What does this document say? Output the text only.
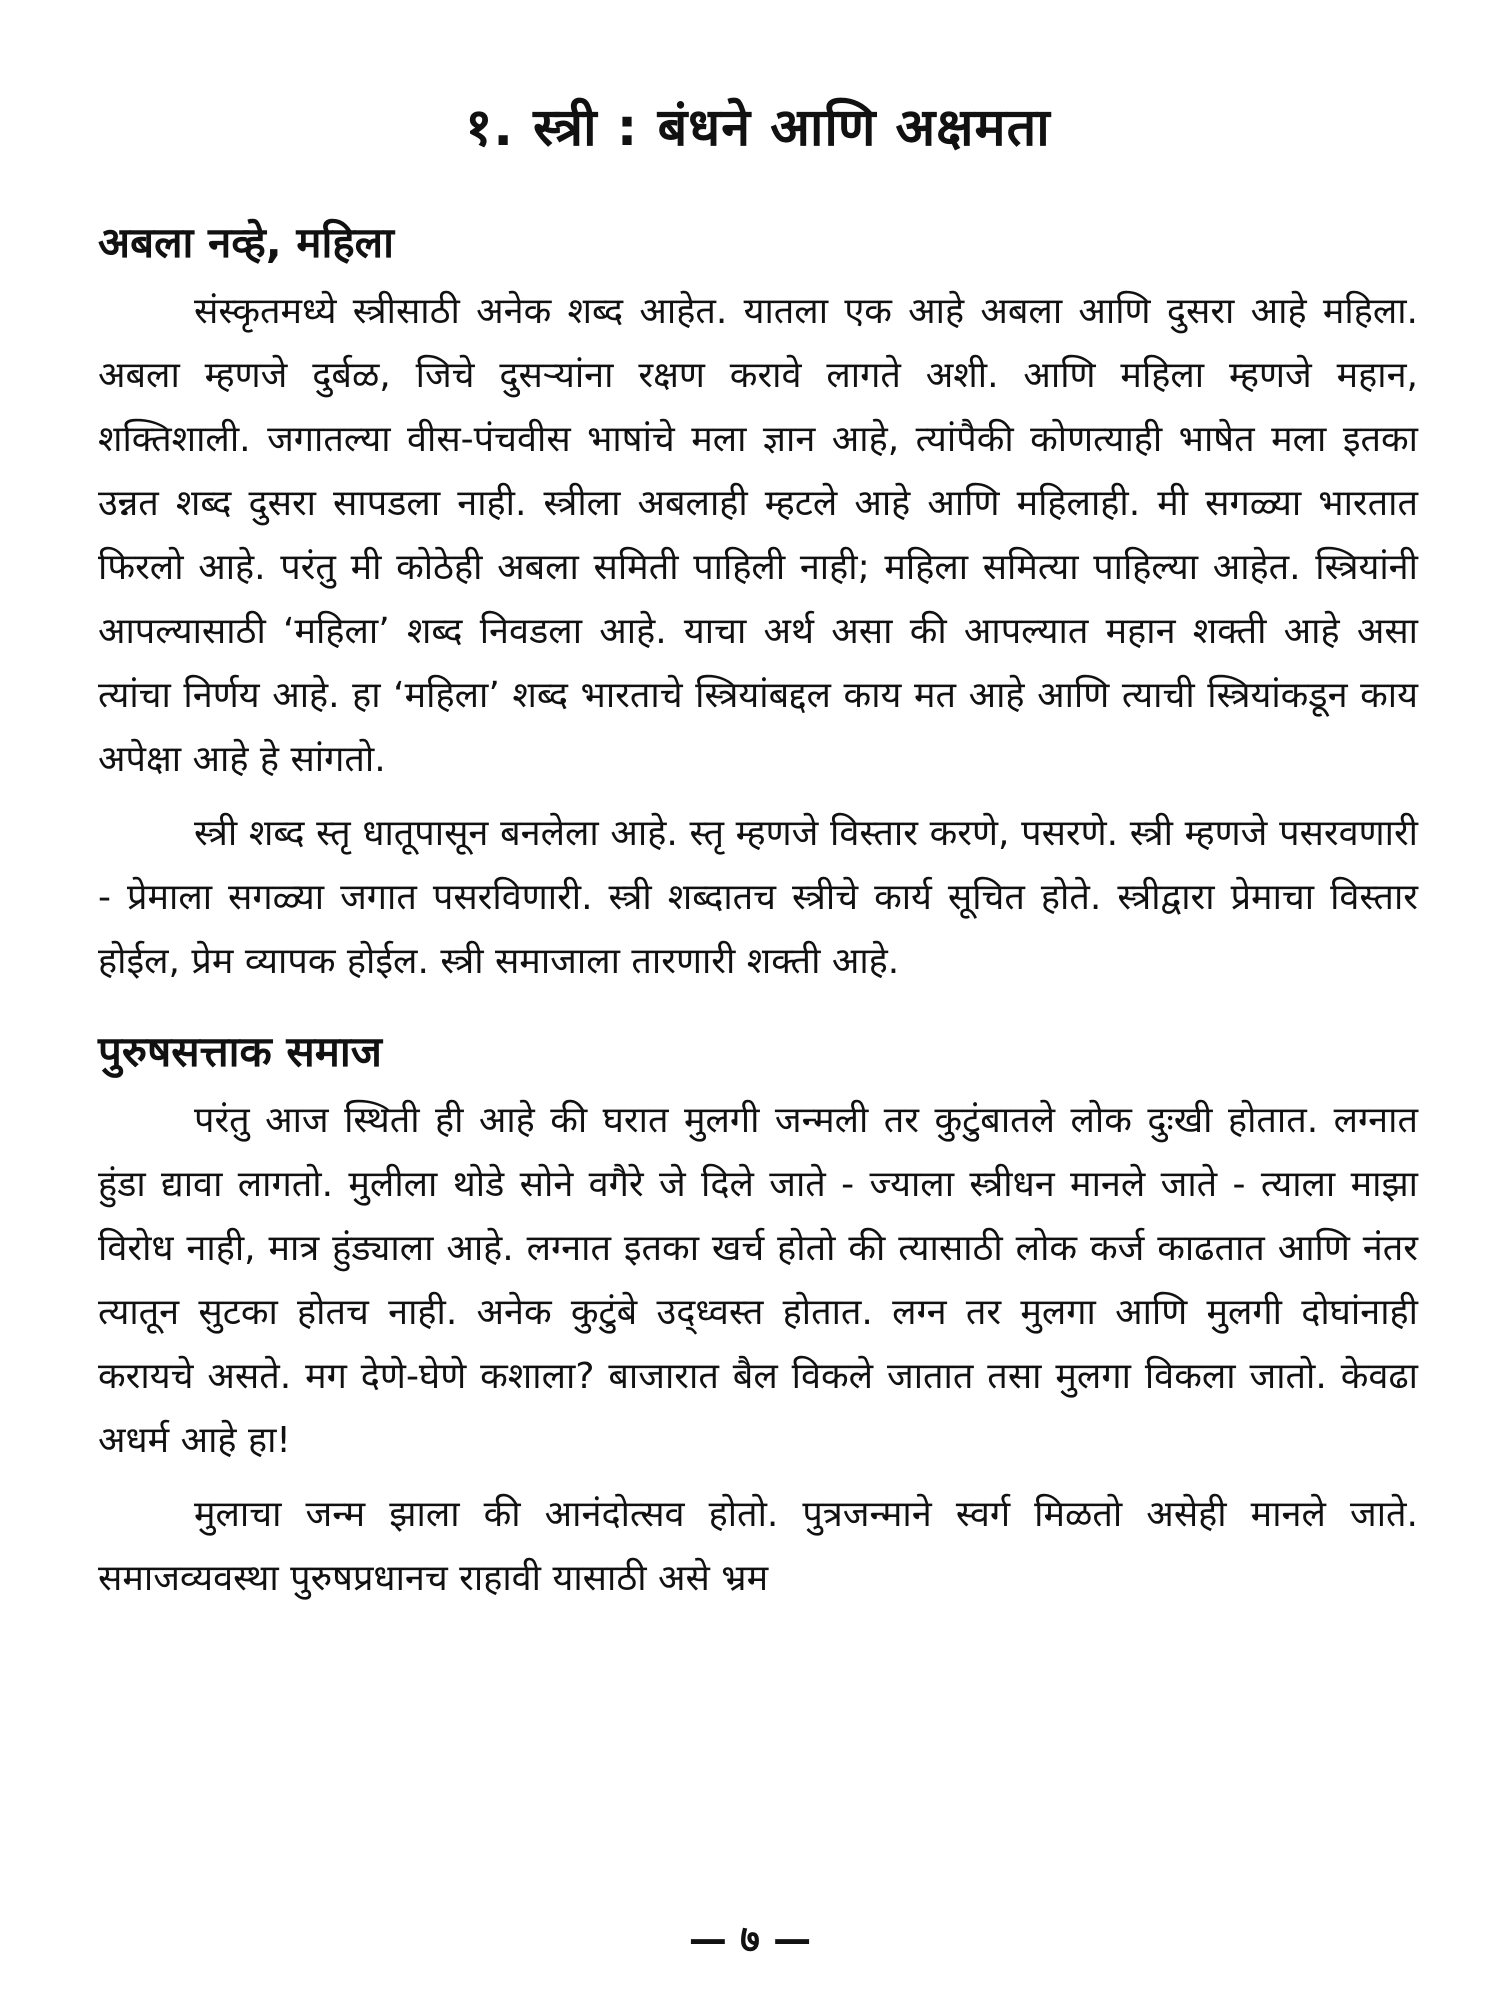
१. स्त्री : बंधने आणि अक्षमता
अबला नव्हे, महिला

संस्कृतमध्ये स्त्रीसाठी अनेक शब्द आहेत. यातला एक आहे अबला आणि दुसरा आहे महिला. अबला म्हणजे दुर्बळ, जिचे दुसऱ्यांना रक्षण करावे लागते अशी. आणि महिला म्हणजे महान, शक्तिशाली. जगातल्या वीस-पंचवीस भाषांचे मला ज्ञान आहे, त्यांपैकी कोणत्याही भाषेत मला इतका उन्नत शब्द दुसरा सापडला नाही. स्त्रीला अबलाही म्हटले आहे आणि महिलाही. मी सगळ्या भारतात फिरलो आहे. परंतु मी कोठेही अबला समिती पाहिली नाही; महिला समित्या पाहिल्या आहेत. स्त्रियांनी आपल्यासाठी ‘महिला’ शब्द निवडला आहे. याचा अर्थ असा की आपल्यात महान शक्ती आहे असा त्यांचा निर्णय आहे. हा ‘महिला’ शब्द भारताचे स्त्रियांबद्दल काय मत आहे आणि त्याची स्त्रियांकडून काय अपेक्षा आहे हे सांगतो.

स्त्री शब्द स्तृ धातूपासून बनलेला आहे. स्तृ म्हणजे विस्तार करणे, पसरणे. स्त्री म्हणजे पसरवणारी - प्रेमाला सगळ्या जगात पसरविणारी. स्त्री शब्दातच स्त्रीचे कार्य सूचित होते. स्त्रीद्वारा प्रेमाचा विस्तार होईल, प्रेम व्यापक होईल. स्त्री समाजाला तारणारी शक्ती आहे.

पुरुषसत्ताक समाज

परंतु आज स्थिती ही आहे की घरात मुलगी जन्मली तर कुटुंबातले लोक दुःखी होतात. लग्नात हुंडा द्यावा लागतो. मुलीला थोडे सोने वगैरे जे दिले जाते - ज्याला स्त्रीधन मानले जाते - त्याला माझा विरोध नाही, मात्र हुंड्याला आहे. लग्नात इतका खर्च होतो की त्यासाठी लोक कर्ज काढतात आणि नंतर त्यातून सुटका होतच नाही. अनेक कुटुंबे उद्ध्वस्त होतात. लग्न तर मुलगा आणि मुलगी दोघांनाही करायचे असते. मग देणे-घेणे कशाला? बाजारात बैल विकले जातात तसा मुलगा विकला जातो. केवढा अधर्म आहे हा!

मुलाचा जन्म झाला की आनंदोत्सव होतो. पुत्रजन्माने स्वर्ग मिळतो असेही मानले जाते. समाजव्यवस्था पुरुषप्रधानच राहावी यासाठी असे भ्रम

— ७ —
